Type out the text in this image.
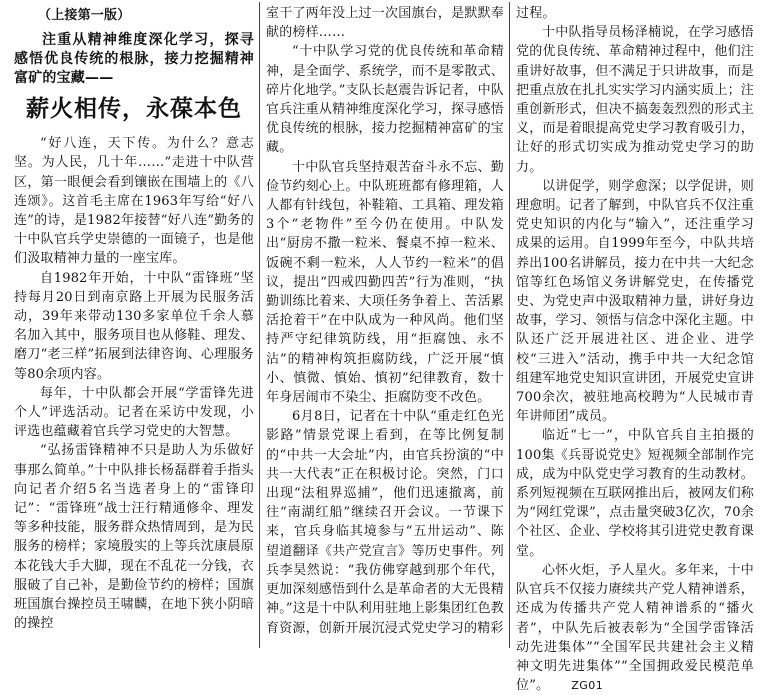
（上接第一版）
注重从精神维度深化学习，探寻感悟优良传统的根脉，接力挖掘精神富矿的宝藏——
薪火相传，永葆本色

“好八连，天下传。为什么？意志坚。为人民，几十年……”走进十中队营区，第一眼便会看到镶嵌在围墙上的《八连颂》。这首毛主席在1963年写给“好八连”的诗，是1982年接替“好八连”勤务的十中队官兵学史崇德的一面镜子，也是他们汲取精神力量的一座宝库。

自1982年开始，十中队“雷锋班”坚持每月20日到南京路上开展为民服务活动，39年来带动130多家单位千余人慕名加入其中，服务项目也从修鞋、理发、磨刀“老三样”拓展到法律咨询、心理服务等80余项内容。

每年，十中队都会开展“学雷锋先进个人”评选活动。记者在采访中发现，小评选也蕴藏着官兵学习党史的大智慧。

“弘扬雷锋精神不只是助人为乐做好事那么简单。”十中队排长杨磊群着手指头向记者介绍5名当选者身上的“雷锋印记”：“雷锋班”战士汪行精通修伞、理发等多种技能，服务群众热情周到，是为民服务的榜样；家境殷实的上等兵沈康晨原本花钱大手大脚，现在不乱花一分钱，衣服破了自己补，是勤俭节约的榜样；国旗班国旗台操控员王啸麟，在地下狭小阴暗的操控

室干了两年没上过一次国旗台，是默默奉献的榜样……

“十中队学习党的优良传统和革命精神，是全面学、系统学，而不是零散式、碎片化地学。”支队长赵震告诉记者，中队官兵注重从精神维度深化学习，探寻感悟优良传统的根脉，接力挖掘精神富矿的宝藏。

十中队官兵坚持艰苦奋斗永不忘、勤俭节约刻心上。中队班班都有修理箱，人人都有针线包，补鞋箱、工具箱、理发箱3个“老物件”至今仍在使用。中队发出“厨房不撒一粒米、餐桌不掉一粒米、饭碗不剩一粒米，人人节约一粒米”的倡议，提出“四戒四勤四苦”行为准则，“执勤训练比着来、大项任务争着上、苦活累活抢着干”在中队成为一种风尚。他们坚持严守纪律筑防线，用“拒腐蚀、永不沾”的精神构筑拒腐防线，广泛开展“慎小、慎微、慎始、慎初”纪律教育，数十年身居闹市不染尘、拒腐防变不改色。

6月8日，记者在十中队“重走红色光影路”情景党课上看到，在等比例复制的“中共一大会址”内，由官兵扮演的“中共一大代表”正在积极讨论。突然，门口出现“法租界巡捕”，他们迅速撤离，前往“南湖红船”继续召开会议。一节课下来，官兵身临其境参与“五卅运动”、陈望道翻译《共产党宣言》等历史事件。列兵李昊然说：“我仿佛穿越到那个年代，更加深刻感悟到什么是革命者的大无畏精神。”这是十中队利用驻地上影集团红色教育资源，创新开展沉浸式党史学习的精彩

过程。

十中队指导员杨泽楠说，在学习感悟党的优良传统、革命精神过程中，他们注重讲好故事，但不满足于只讲故事，而是把重点放在扎扎实实学习内涵实质上；注重创新形式，但决不搞轰轰烈烈的形式主义，而是着眼提高党史学习教育吸引力，让好的形式切实成为推动党史学习的助力。

以讲促学，则学愈深；以学促讲，则理愈明。记者了解到，中队官兵不仅注重党史知识的内化与“输入”，还注重学习成果的运用。自1999年至今，中队共培养出100名讲解员，接力在中共一大纪念馆等红色场馆义务讲解党史，在传播党史、为党史声中汲取精神力量，讲好身边故事，学习、领悟与信念中深化主题。中队还广泛开展进社区、进企业、进学校“三进入”活动，携手中共一大纪念馆组建军地党史知识宣讲团，开展党史宣讲700余次，被驻地高校聘为“人民城市青年讲师团”成员。

临近“七一”，中队官兵自主拍摄的100集《兵哥说党史》短视频全部制作完成，成为中队党史学习教育的生动教材。系列短视频在互联网推出后，被网友们称为“网红党课”，点击量突破3亿次，70余个社区、企业、学校将其引进党史教育课堂。

心怀火炬，予人星火。多年来，十中队官兵不仅接力赓续共产党人精神谱系，还成为传播共产党人精神谱系的“播火者”，中队先后被表彰为“全国学雷锋活动先进集体”“全国军民共建社会主义精神文明先进集体”“全国拥政爱民模范单位”。 ZG01
